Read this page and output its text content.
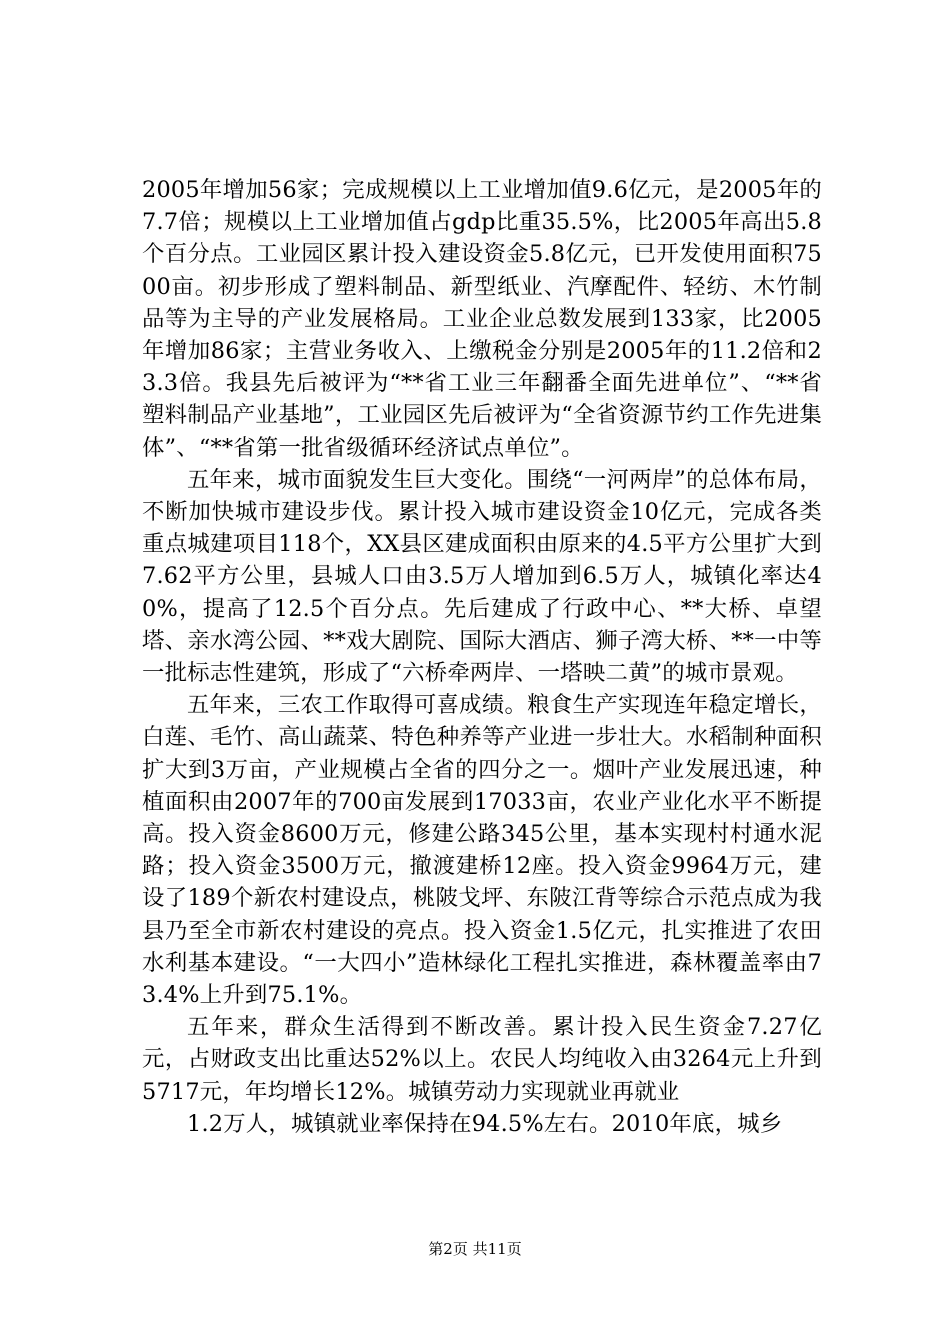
2005年增加56家；完成规模以上工业增加值9.6亿元，是2005年的7.7倍；规模以上工业增加值占gdp比重35.5%，比2005年高出5.8个百分点。工业园区累计投入建设资金5.8亿元，已开发使用面积7500亩。初步形成了塑料制品、新型纸业、汽摩配件、轻纺、木竹制品等为主导的产业发展格局。工业企业总数发展到133家，比2005年增加86家；主营业务收入、上缴税金分别是2005年的11.2倍和23.3倍。我县先后被评为“**省工业三年翻番全面先进单位”、“**省塑料制品产业基地”，工业园区先后被评为“全省资源节约工作先进集体”、“**省第一批省级循环经济试点单位”。

五年来，城市面貌发生巨大变化。围绕“一河两岸”的总体布局，不断加快城市建设步伐。累计投入城市建设资金10亿元，完成各类重点城建项目118个，XX县区建成面积由原来的4.5平方公里扩大到7.62平方公里，县城人口由3.5万人增加到6.5万人，城镇化率达40%，提高了12.5个百分点。先后建成了行政中心、**大桥、卓望塔、亲水湾公园、**戏大剧院、国际大酒店、狮子湾大桥、**一中等一批标志性建筑，形成了“六桥牵两岸、一塔映二黄”的城市景观。

五年来，三农工作取得可喜成绩。粮食生产实现连年稳定增长，白莲、毛竹、高山蔬菜、特色种养等产业进一步壮大。水稻制种面积扩大到3万亩，产业规模占全省的四分之一。烟叶产业发展迅速，种植面积由2007年的700亩发展到17033亩，农业产业化水平不断提高。投入资金8600万元，修建公路345公里，基本实现村村通水泥路；投入资金3500万元，撤渡建桥12座。投入资金9964万元，建设了189个新农村建设点，桃陂戈坪、东陂江背等综合示范点成为我县乃至全市新农村建设的亮点。投入资金1.5亿元，扎实推进了农田水利基本建设。“一大四小”造林绿化工程扎实推进，森林覆盖率由73.4%上升到75.1%。

五年来，群众生活得到不断改善。累计投入民生资金7.27亿元，占财政支出比重达52%以上。农民人均纯收入由3264元上升到5717元，年均增长12%。城镇劳动力实现就业再就业

1.2万人，城镇就业率保持在94.5%左右。2010年底，城乡

第2页 共11页
